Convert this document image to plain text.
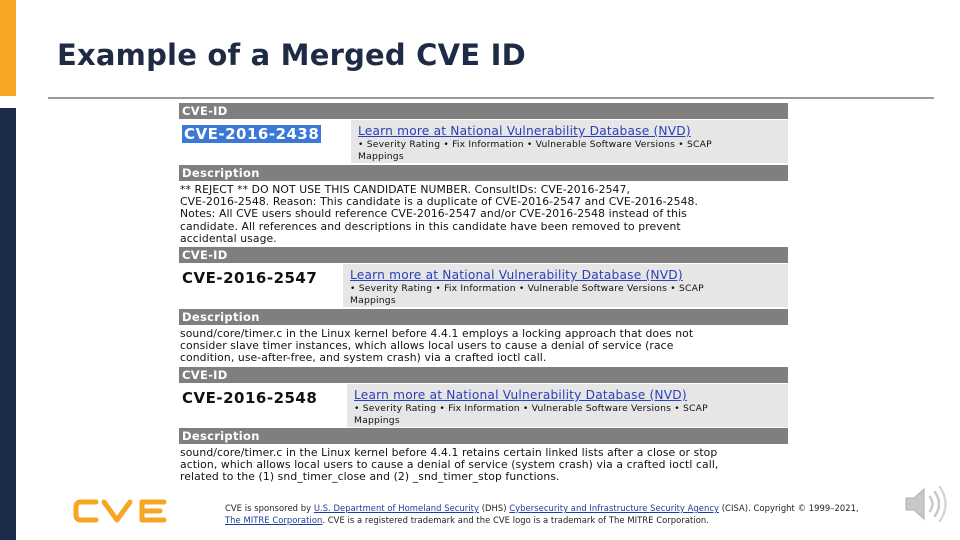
Example of a Merged CVE ID
CVE-ID
CVE-2016-2438	Learn more at National Vulnerability Database (NVD)
• Severity Rating • Fix Information • Vulnerable Software Versions • SCAP
Mappings
Description
** REJECT ** DO NOT USE THIS CANDIDATE NUMBER. ConsultIDs: CVE-2016-2547,
CVE-2016-2548. Reason: This candidate is a duplicate of CVE-2016-2547 and CVE-2016-2548.
Notes: All CVE users should reference CVE-2016-2547 and/or CVE-2016-2548 instead of this
candidate. All references and descriptions in this candidate have been removed to prevent
accidental usage.
CVE-ID
CVE-2016-2547	Learn more at National Vulnerability Database (NVD)
• Severity Rating • Fix Information • Vulnerable Software Versions • SCAP
Mappings
Description
sound/core/timer.c in the Linux kernel before 4.4.1 employs a locking approach that does not
consider slave timer instances, which allows local users to cause a denial of service (race
condition, use-after-free, and system crash) via a crafted ioctl call.
CVE-ID
CVE-2016-2548	Learn more at National Vulnerability Database (NVD)
• Severity Rating • Fix Information • Vulnerable Software Versions • SCAP
Mappings
Description
sound/core/timer.c in the Linux kernel before 4.4.1 retains certain linked lists after a close or stop
action, which allows local users to cause a denial of service (system crash) via a crafted ioctl call,
related to the (1) snd_timer_close and (2) _snd_timer_stop functions.
CVE is sponsored by U.S. Department of Homeland Security (DHS) Cybersecurity and Infrastructure Security Agency (CISA). Copyright © 1999–2021,
The MITRE Corporation. CVE is a registered trademark and the CVE logo is a trademark of The MITRE Corporation.
